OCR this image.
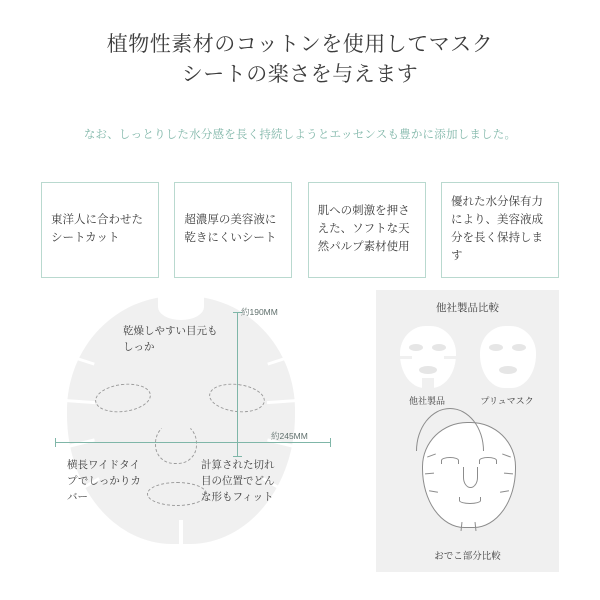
植物性素材のコットンを使用してマスク
シートの楽さを与えます
なお、しっとりした水分感を長く持続しようとエッセンスも豊かに添加しました。
東洋人に合わせたシートカット
超濃厚の美容液に乾きにくいシート
肌への刺激を押さえた、ソフトな天然パルプ素材使用
優れた水分保有力により、美容液成分を長く保持します
約190MM
約245MM
乾燥しやすい目元もしっか
横長ワイドタイプでしっかりカバー
計算された切れ目の位置でどんな形もフィット
他社製品比較
他社製品	プリュマスク
おでこ部分比較
